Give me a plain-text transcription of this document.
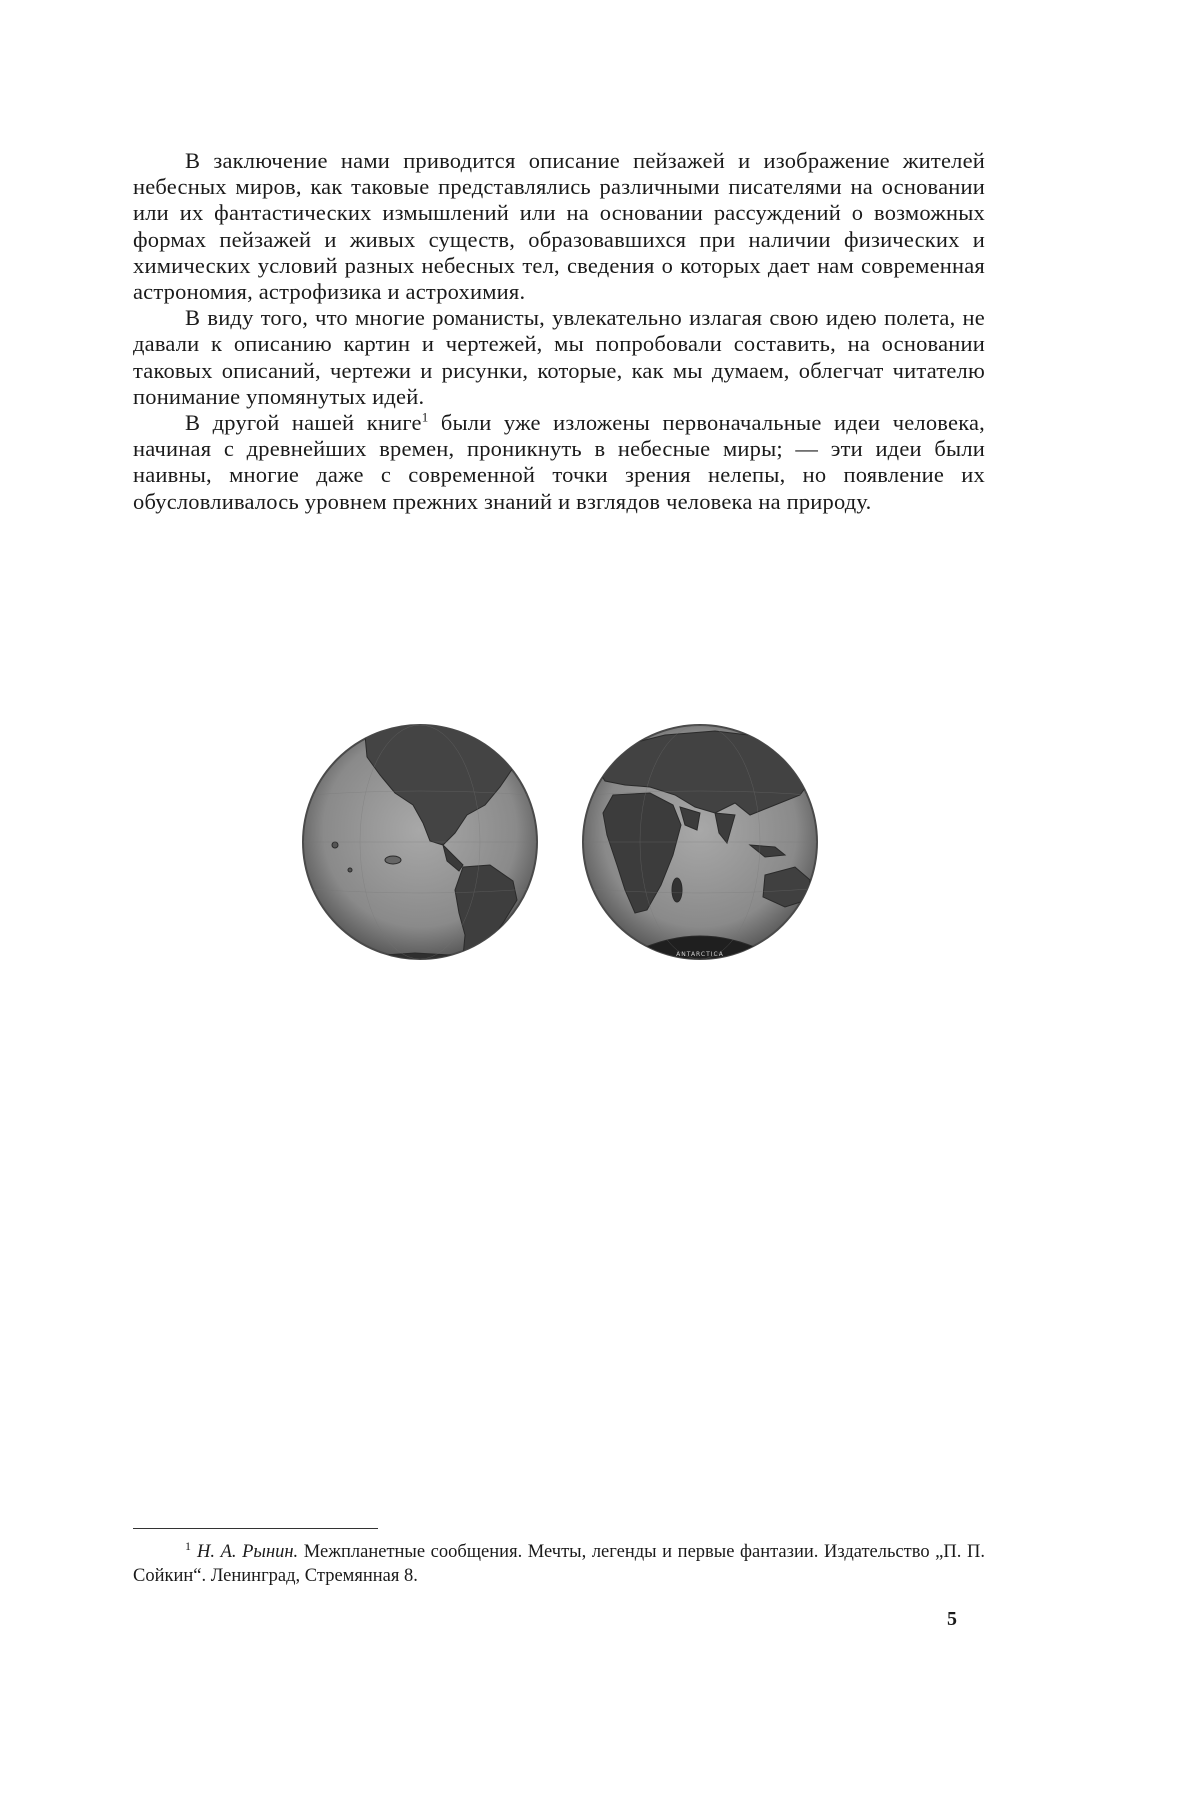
В заключение нами приводится описание пейзажей и изображение жителей небесных миров, как таковые представлялись различными писателями на основании или их фантастических измышлений или на основании рассуждений о возможных формах пейзажей и живых существ, образовавшихся при наличии физических и химических условий разных небесных тел, сведения о которых дает нам современная астрономия, астрофизика и астрохимия.

В виду того, что многие романисты, увлекательно излагая свою идею полета, не давали к описанию картин и чертежей, мы попробовали составить, на основании таковых описаний, чертежи и рисунки, которые, как мы думаем, облегчат читателю понимание упомянутых идей.

В другой нашей книге$^1$ были уже изложены первоначальные идеи человека, начиная с древнейших времен, проникнуть в небесные миры; — эти идеи были наивны, многие даже с современной точки зрения нелепы, но появление их обусловливалось уровнем прежних знаний и взглядов человека на природу.

ANTARCTICA
$^1$ Н. А. Рынин. Межпланетные сообщения. Мечты, легенды и первые фантазии. Издательство „П. П. Сойкин“. Ленинград, Стремянная 8.
5
